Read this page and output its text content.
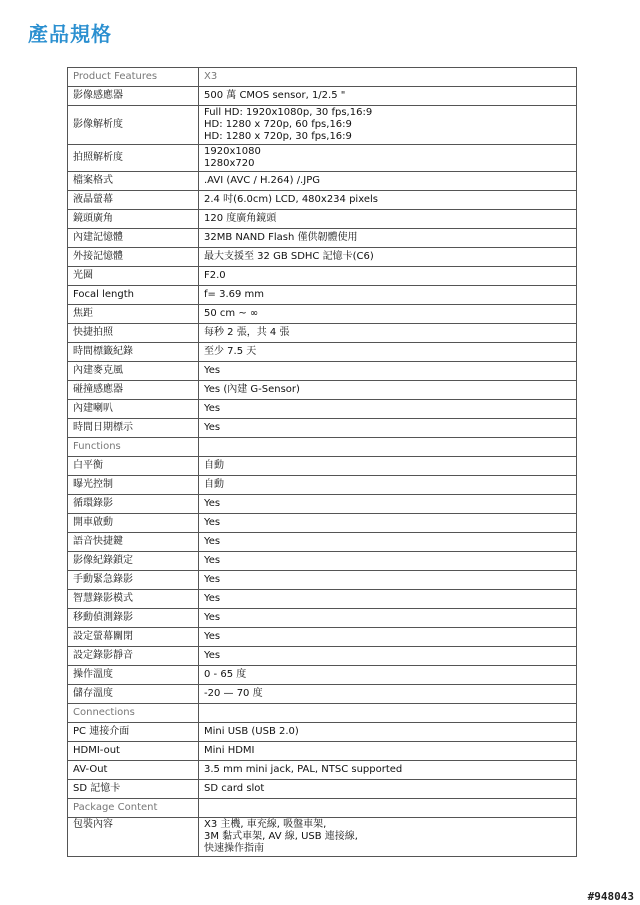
產品規格
Product Features	X3
影像感應器	500 萬 CMOS sensor, 1/2.5 "
影像解析度	Full HD: 1920x1080p, 30 fps,16:9
HD: 1280 x 720p, 60 fps,16:9
HD: 1280 x 720p, 30 fps,16:9

拍照解析度	1920x1080
1280x720

檔案格式	.AVI (AVC / H.264) /.JPG
液晶螢幕	2.4 吋(6.0cm) LCD, 480x234 pixels
鏡頭廣角	120 度廣角鏡頭
內建記憶體	32MB NAND Flash 僅供韌體使用
外接記憶體	最大支援至 32 GB SDHC 記憶卡(C6)
光圈	F2.0
Focal length	f= 3.69 mm
焦距	50 cm ~ ∞
快捷拍照	每秒 2 張，共 4 張
時間標籤紀錄	至少 7.5 天
內建麥克風	Yes
碰撞感應器	Yes (內建 G-Sensor)
內建喇叭	Yes
時間日期標示	Yes
Functions	
白平衡	自動
曝光控制	自動
循環錄影	Yes
開車啟動	Yes
語音快捷鍵	Yes
影像紀錄鎖定	Yes
手動緊急錄影	Yes
智慧錄影模式	Yes
移動偵測錄影	Yes
設定螢幕關閉	Yes
設定錄影靜音	Yes
操作溫度	0 - 65 度
儲存溫度	-20 — 70 度
Connections	
PC 連接介面	Mini USB (USB 2.0)
HDMI-out	Mini HDMI
AV-Out	3.5 mm mini jack, PAL, NTSC supported
SD 記憶卡	SD card slot
Package Content	
包裝內容	X3 主機, 車充線, 吸盤車架,
3M 黏式車架, AV 線, USB 連接線,
快速操作指南
#948043
